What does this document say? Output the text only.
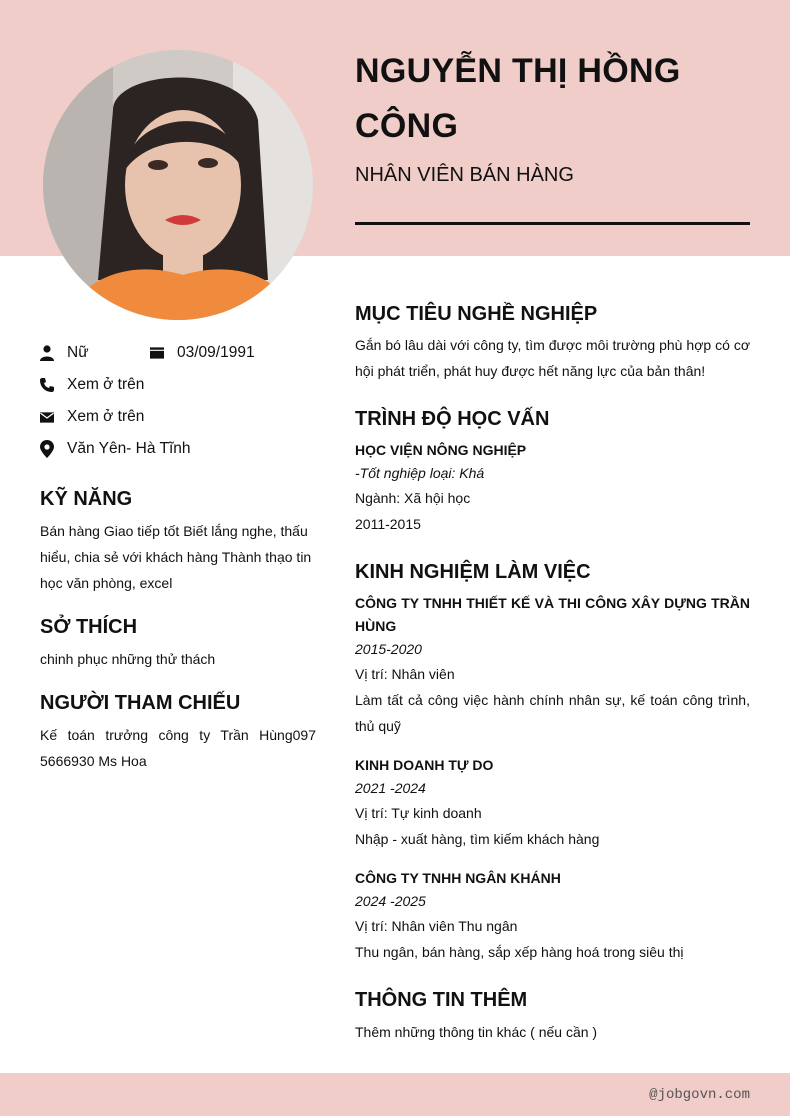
NGUYỄN THỊ HỒNG CÔNG
NHÂN VIÊN BÁN HÀNG
Nữ	03/09/1991
Xem ở trên
Xem ở trên
Văn Yên- Hà Tĩnh
KỸ NĂNG
Bán hàng Giao tiếp tốt Biết lắng nghe, thấu hiểu, chia sẻ với khách hàng Thành thạo tin học văn phòng, excel
SỞ THÍCH
chinh phục những thử thách
NGƯỜI THAM CHIẾU
Kế toán trưởng công ty Trần Hùng097 5666930 Ms Hoa
MỤC TIÊU NGHỀ NGHIỆP
Gắn bó lâu dài với công ty, tìm được môi trường phù hợp có cơ hội phát triển, phát huy được hết năng lực của bản thân!
TRÌNH ĐỘ HỌC VẤN
HỌC VIỆN NÔNG NGHIỆP
-Tốt nghiệp loại: Khá
Ngành: Xã hội học
2011-2015
KINH NGHIỆM LÀM VIỆC
CÔNG TY TNHH THIẾT KẾ VÀ THI CÔNG XÂY DỰNG TRẦN HÙNG
2015-2020
Vị trí: Nhân viên
Làm tất cả công việc hành chính nhân sự, kế toán công trình, thủ quỹ
KINH DOANH TỰ DO
2021 -2024
Vị trí: Tự kinh doanh
Nhập - xuất hàng, tìm kiếm khách hàng
CÔNG TY TNHH NGÂN KHÁNH
2024 -2025
Vị trí: Nhân viên Thu ngân
Thu ngân, bán hàng, sắp xếp hàng hoá trong siêu thị
THÔNG TIN THÊM
Thêm những thông tin khác ( nếu cần )
@jobgovn.com
